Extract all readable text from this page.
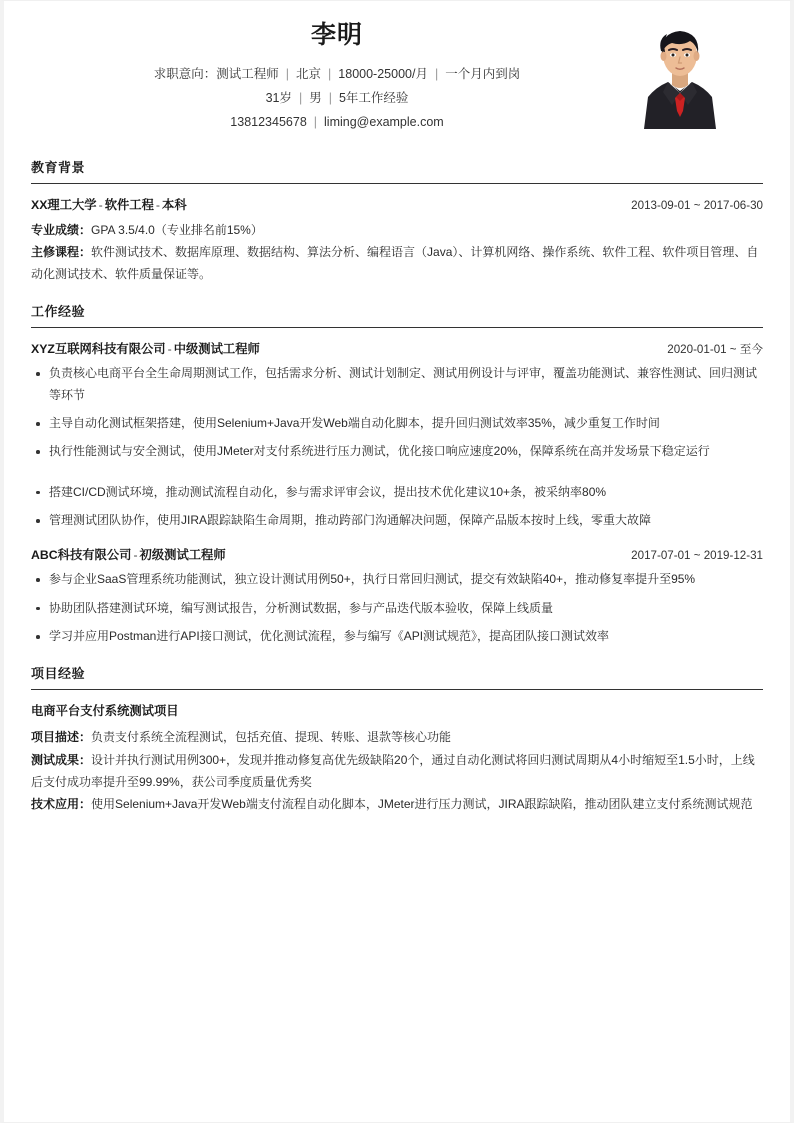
李明
求职意向：测试工程师 | 北京 | 18000-25000/月 | 一个月内到岗
31岁 | 男 | 5年工作经验
13812345678 | liming@example.com
教育背景
XX理工大学 - 软件工程 - 本科	2013-09-01 ~ 2017-06-30
专业成绩：GPA 3.5/4.0（专业排名前15%）
主修课程：软件测试技术、数据库原理、数据结构、算法分析、编程语言（Java）、计算机网络、操作系统、软件工程、软件项目管理、自动化测试技术、软件质量保证等。
工作经验
XYZ互联网科技有限公司 - 中级测试工程师	2020-01-01 ~ 至今
负责核心电商平台全生命周期测试工作，包括需求分析、测试计划制定、测试用例设计与评审，覆盖功能测试、兼容性测试、回归测试等环节
主导自动化测试框架搭建，使用Selenium+Java开发Web端自动化脚本，提升回归测试效率35%，减少重复工作时间
执行性能测试与安全测试，使用JMeter对支付系统进行压力测试，优化接口响应速度20%，保障系统在高并发场景下稳定运行
搭建CI/CD测试环境，推动测试流程自动化，参与需求评审会议，提出技术优化建议10+条，被采纳率80%
管理测试团队协作，使用JIRA跟踪缺陷生命周期，推动跨部门沟通解决问题，保障产品版本按时上线，零重大故障
ABC科技有限公司 - 初级测试工程师	2017-07-01 ~ 2019-12-31
参与企业SaaS管理系统功能测试，独立设计测试用例50+，执行日常回归测试，提交有效缺陷40+，推动修复率提升至95%
协助团队搭建测试环境，编写测试报告，分析测试数据，参与产品迭代版本验收，保障上线质量
学习并应用Postman进行API接口测试，优化测试流程，参与编写《API测试规范》，提高团队接口测试效率
项目经验
电商平台支付系统测试项目
项目描述：负责支付系统全流程测试，包括充值、提现、转账、退款等核心功能
测试成果：设计并执行测试用例300+，发现并推动修复高优先级缺陷20个，通过自动化测试将回归测试周期从4小时缩短至1.5小时，上线后支付成功率提升至99.99%，获公司季度质量优秀奖
技术应用：使用Selenium+Java开发Web端支付流程自动化脚本，JMeter进行压力测试，JIRA跟踪缺陷，推动团队建立支付系统测试规范
